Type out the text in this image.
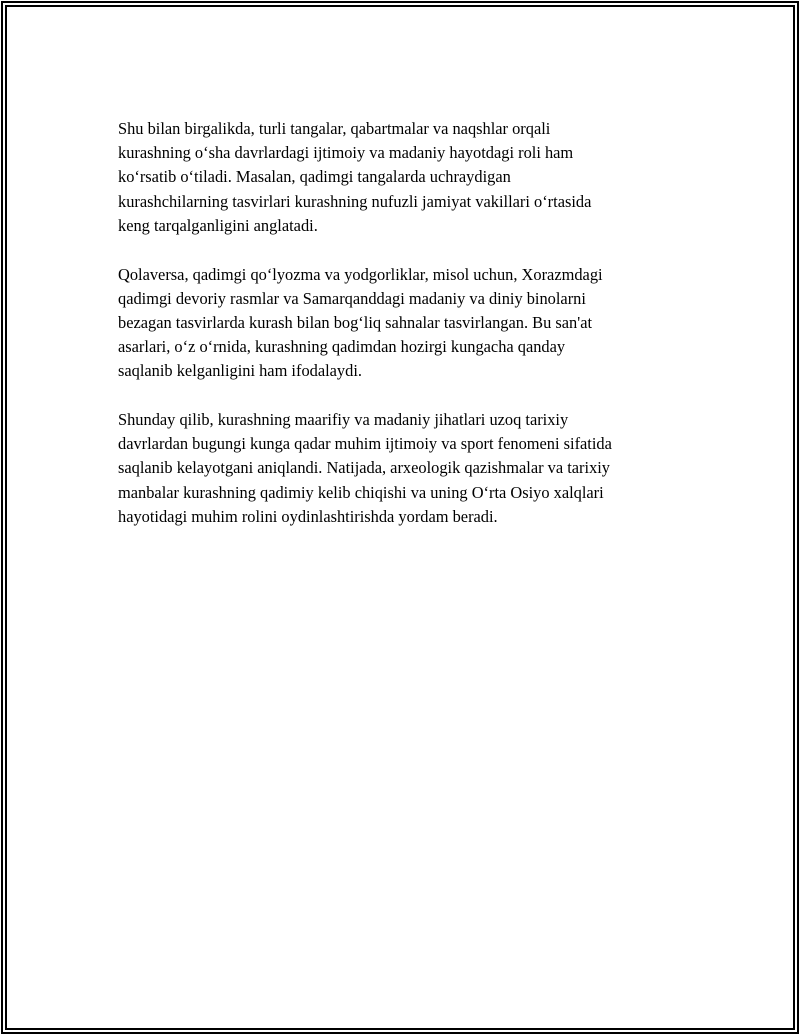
Shu bilan birgalikda, turli tangalar, qabartmalar va naqshlar orqali
kurashning oʻsha davrlardagi ijtimoiy va madaniy hayotdagi roli ham
koʻrsatib oʻtiladi. Masalan, qadimgi tangalarda uchraydigan
kurashchilarning tasvirlari kurashning nufuzli jamiyat vakillari oʻrtasida
keng tarqalganligini anglatadi.

Qolaversa, qadimgi qoʻlyozma va yodgorliklar, misol uchun, Xorazmdagi
qadimgi devoriy rasmlar va Samarqanddagi madaniy va diniy binolarni
bezagan tasvirlarda kurash bilan bogʻliq sahnalar tasvirlangan. Bu san'at
asarlari, oʻz oʻrnida, kurashning qadimdan hozirgi kungacha qanday
saqlanib kelganligini ham ifodalaydi.

Shunday qilib, kurashning maarifiy va madaniy jihatlari uzoq tarixiy
davrlardan bugungi kunga qadar muhim ijtimoiy va sport fenomeni sifatida
saqlanib kelayotgani aniqlandi. Natijada, arxeologik qazishmalar va tarixiy
manbalar kurashning qadimiy kelib chiqishi va uning Oʻrta Osiyo xalqlari
hayotidagi muhim rolini oydinlashtirishda yordam beradi.
